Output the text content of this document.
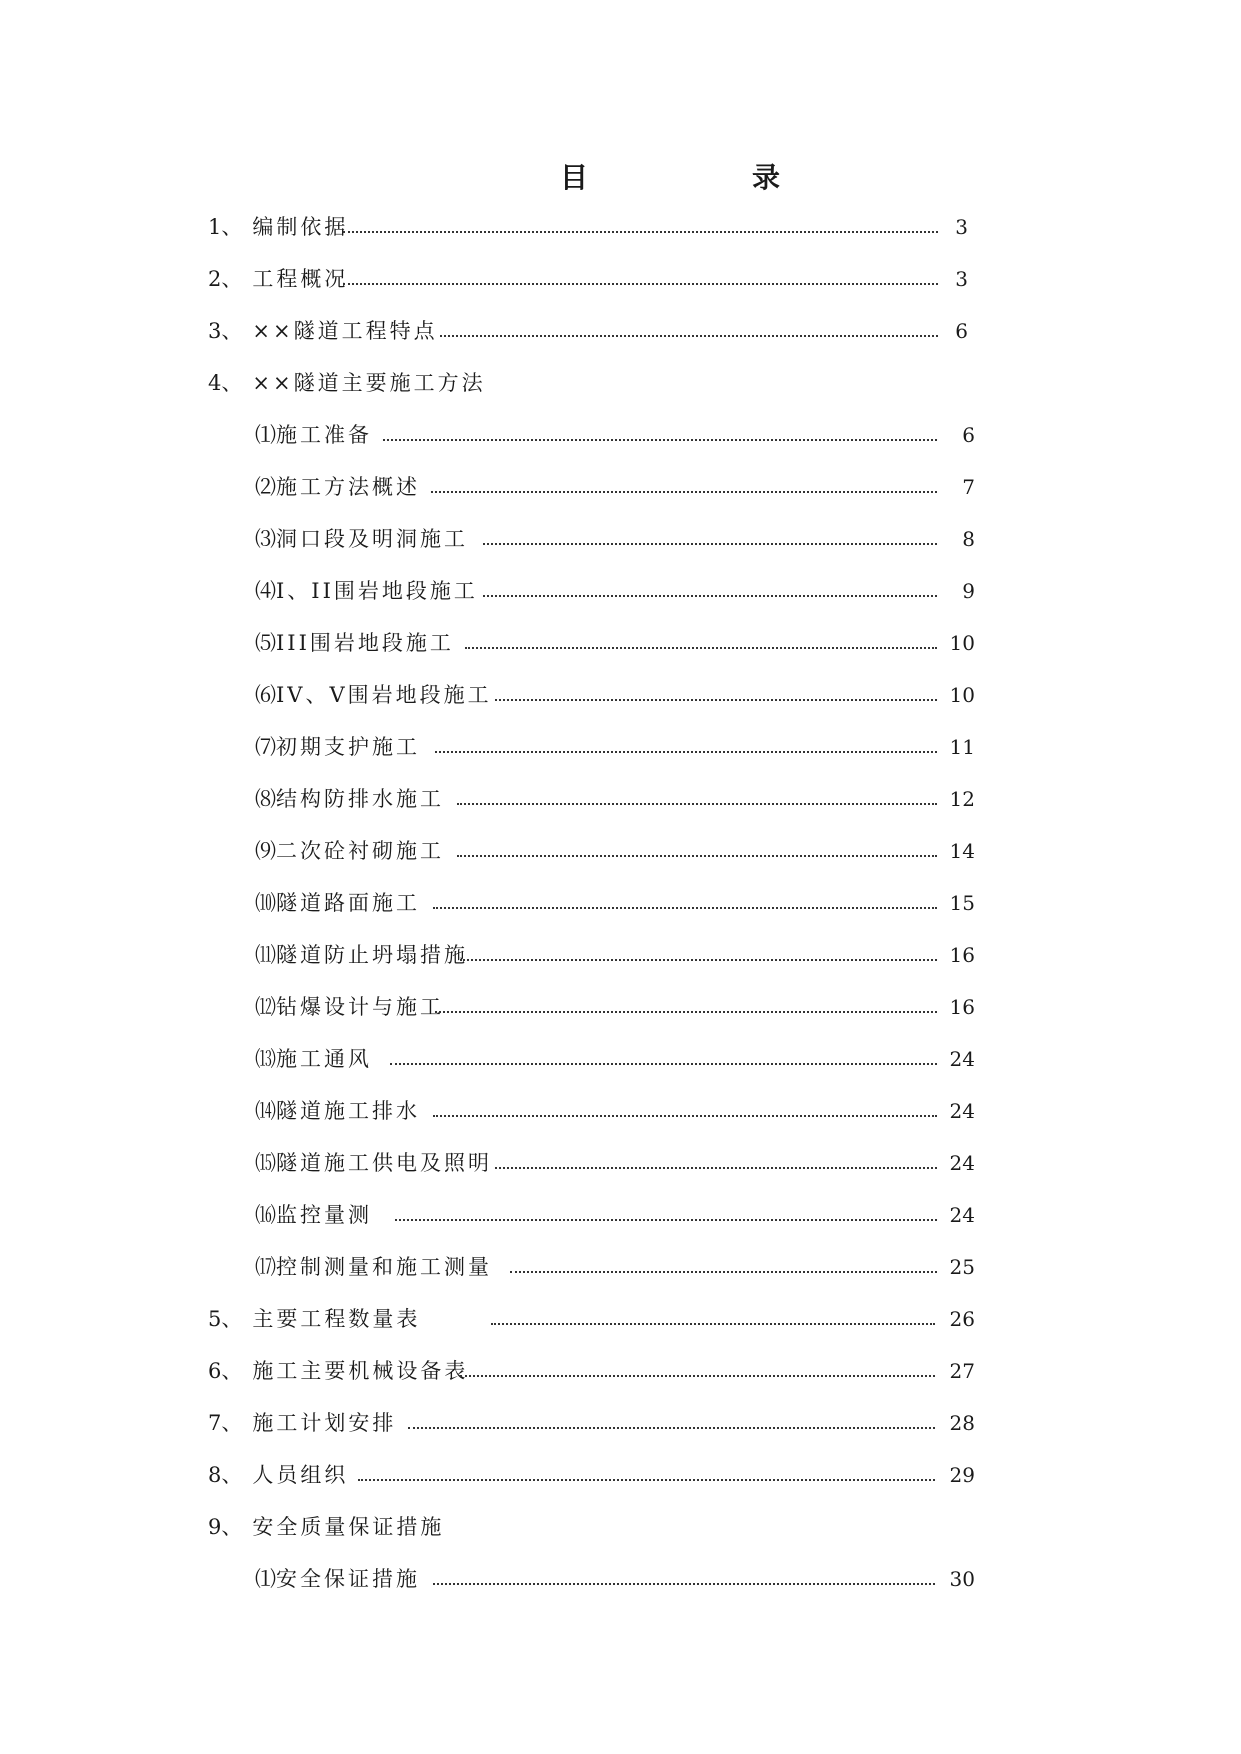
目	录
1、 编制依据	3
2、 工程概况	3
3、 ××隧道工程特点	6
4、 ××隧道主要施工方法
⑴ 施工准备	6
⑵ 施工方法概述	7
⑶ 洞口段及明洞施工	8
⑷ I、II围岩地段施工	9
⑸ III围岩地段施工	10
⑹ IV、V围岩地段施工	10
⑺ 初期支护施工	11
⑻ 结构防排水施工	12
⑼ 二次砼衬砌施工	14
⑽ 隧道路面施工	15
⑾ 隧道防止坍塌措施	16
⑿ 钻爆设计与施工	16
⒀ 施工通风	24
⒁ 隧道施工排水	24
⒂ 隧道施工供电及照明	24
⒃ 监控量测	24
⒄ 控制测量和施工测量	25
5、 主要工程数量表	26
6、 施工主要机械设备表	27
7、 施工计划安排	28
8、 人员组织	29
9、 安全质量保证措施
⑴ 安全保证措施	30
